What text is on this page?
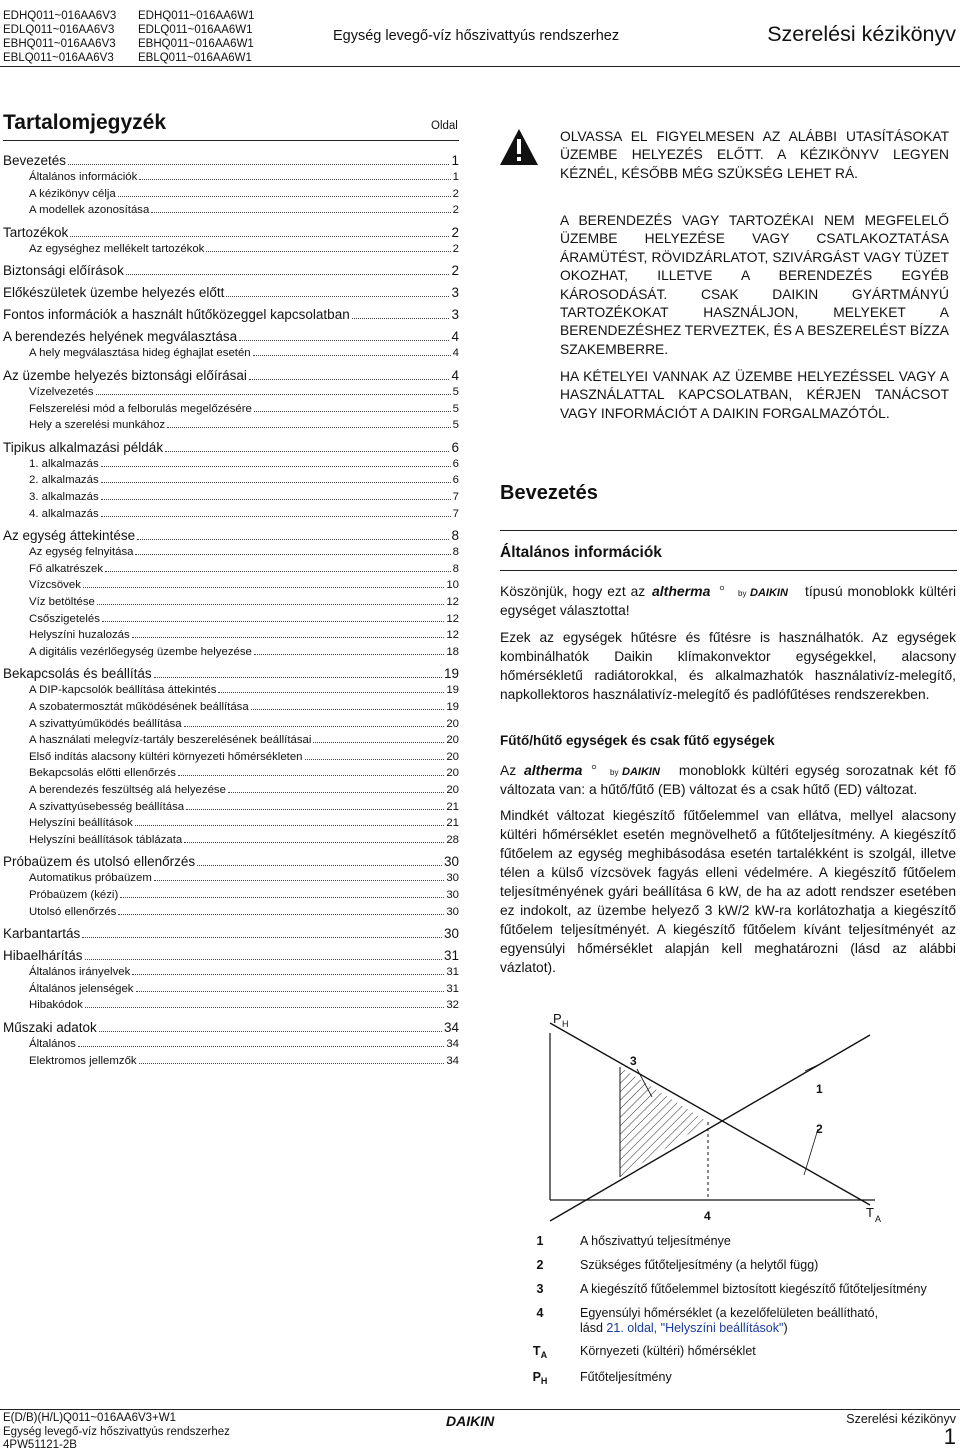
EDHQ011~016AA6V3
EDLQ011~016AA6V3
EBHQ011~016AA6V3
EBLQ011~016AA6V3
EDHQ011~016AA6W1
EDLQ011~016AA6W1
EBHQ011~016AA6W1
EBLQ011~016AA6W1
Egység levegő-víz hőszivattyús rendszerhez	Szerelési kézikönyv
Tartalomjegyzék	Oldal
Bevezetés	1
Általános információk	1
A kézikönyv célja	2
A modellek azonosítása	2
Tartozékok	2
Az egységhez mellékelt tartozékok	2
Biztonsági előírások	2
Előkészületek üzembe helyezés előtt	3
Fontos információk a használt hűtőközeggel kapcsolatban	3
A berendezés helyének megválasztása	4
A hely megválasztása hideg éghajlat esetén	4
Az üzembe helyezés biztonsági előírásai	4
Vízelvezetés	5
Felszerelési mód a felborulás megelőzésére	5
Hely a szerelési munkához	5
Tipikus alkalmazási példák	6
1. alkalmazás	6
2. alkalmazás	6
3. alkalmazás	7
4. alkalmazás	7
Az egység áttekintése	8
Az egység felnyitása	8
Fő alkatrészek	8
Vízcsövek	10
Víz betöltése	12
Csőszigetelés	12
Helyszíni huzalozás	12
A digitális vezérlőegység üzembe helyezése	18
Bekapcsolás és beállítás	19
A DIP-kapcsolók beállítása áttekintés	19
A szobatermosztát működésének beállítása	19
A szivattyúműködés beállítása	20
A használati melegvíz-tartály beszerelésének beállításai	20
Első indítás alacsony kültéri környezeti hőmérsékleten	20
Bekapcsolás előtti ellenőrzés	20
A berendezés feszültség alá helyezése	20
A szivattyúsebesség beállítása	21
Helyszíni beállítások	21
Helyszíni beállítások táblázata	28
Próbaüzem és utolsó ellenőrzés	30
Automatikus próbaüzem	30
Próbaüzem (kézi)	30
Utolsó ellenőrzés	30
Karbantartás	30
Hibaelhárítás	31
Általános irányelvek	31
Általános jelenségek	31
Hibakódok	32
Műszaki adatok	34
Általános	34
Elektromos jellemzők	34
OLVASSA EL FIGYELMESEN AZ ALÁBBI UTASÍTÁSOKAT ÜZEMBE HELYEZÉS ELŐTT. A KÉZIKÖNYV LEGYEN KÉZNÉL, KÉSŐBB MÉG SZÜKSÉG LEHET RÁ.
A BERENDEZÉS VAGY TARTOZÉKAI NEM MEGFELELŐ ÜZEMBE HELYEZÉSE VAGY CSATLAKOZTATÁSA ÁRAMÜTÉST, RÖVIDZÁRLATOT, SZIVÁRGÁST VAGY TÜZET OKOZHAT, ILLETVE A BERENDEZÉS EGYÉB KÁROSODÁSÁT. CSAK DAIKIN GYÁRTMÁNYÚ TARTOZÉKOKAT HASZNÁLJON, MELYEKET A BERENDEZÉSHEZ TERVEZTEK, ÉS A BESZERELÉST BÍZZA SZAKEMBERRE.
HA KÉTELYEI VANNAK AZ ÜZEMBE HELYEZÉSSEL VAGY A HASZNÁLATTAL KAPCSOLATBAN, KÉRJEN TANÁCSOT VAGY INFORMÁCIÓT A DAIKIN FORGALMAZÓTÓL.
Bevezetés
Általános információk
Köszönjük, hogy ezt az altherma	by DAIKIN típusú monoblokk kültéri egységet választotta!
Ezek az egységek hűtésre és fűtésre is használhatók. Az egységek kombinálhatók Daikin klímakonvektor egységekkel, alacsony hőmérsékletű radiátorokkal, és alkalmazhatók használativíz-melegítő, napkollektoros használativíz-melegítő és padlófűtéses rendszerekben.
Fűtő/hűtő egységek és csak fűtő egységek
Az altherma	by DAIKIN monoblokk kültéri egység sorozatnak két fő változata van: a hűtő/fűtő (EB) változat és a csak hűtő (ED) változat.
Mindkét változat kiegészítő fűtőelemmel van ellátva, mellyel alacsony kültéri hőmérséklet esetén megnövelhető a fűtőteljesítmény. A kiegészítő fűtőelem az egység meghibásodása esetén tartalékként is szolgál, illetve télen a külső vízcsövek fagyás elleni védelmére. A kiegészítő fűtőelem teljesítményének gyári beállítása 6 kW, de ha az adott rendszer esetében ez indokolt, az üzembe helyező 3 kW/2 kW-ra korlátozhatja a kiegészítő fűtőelem teljesítményét. A kiegészítő fűtőelem kívánt teljesítményét az egyensúlyi hőmérséklet alapján kell meghatározni (lásd az alábbi vázlatot).
P H
3
1
2
4	T A
1	A hőszivattyú teljesítménye
2	Szükséges fűtőteljesítmény (a helytől függ)
3	A kiegészítő fűtőelemmel biztosított kiegészítő fűtőteljesítmény
4	Egyensúlyi hőmérséklet (a kezelőfelületen beállítható,
lásd 21. oldal, "Helyszíni beállítások")
$T_A$	Környezeti (kültéri) hőmérséklet
$P_H$	Fűtőteljesítmény
E(D/B)(H/L)Q011~016AA6V3+W1
Egység levegő-víz hőszivattyús rendszerhez
4PW51121-2B
DAIKIN	Szerelési kézikönyv
1
